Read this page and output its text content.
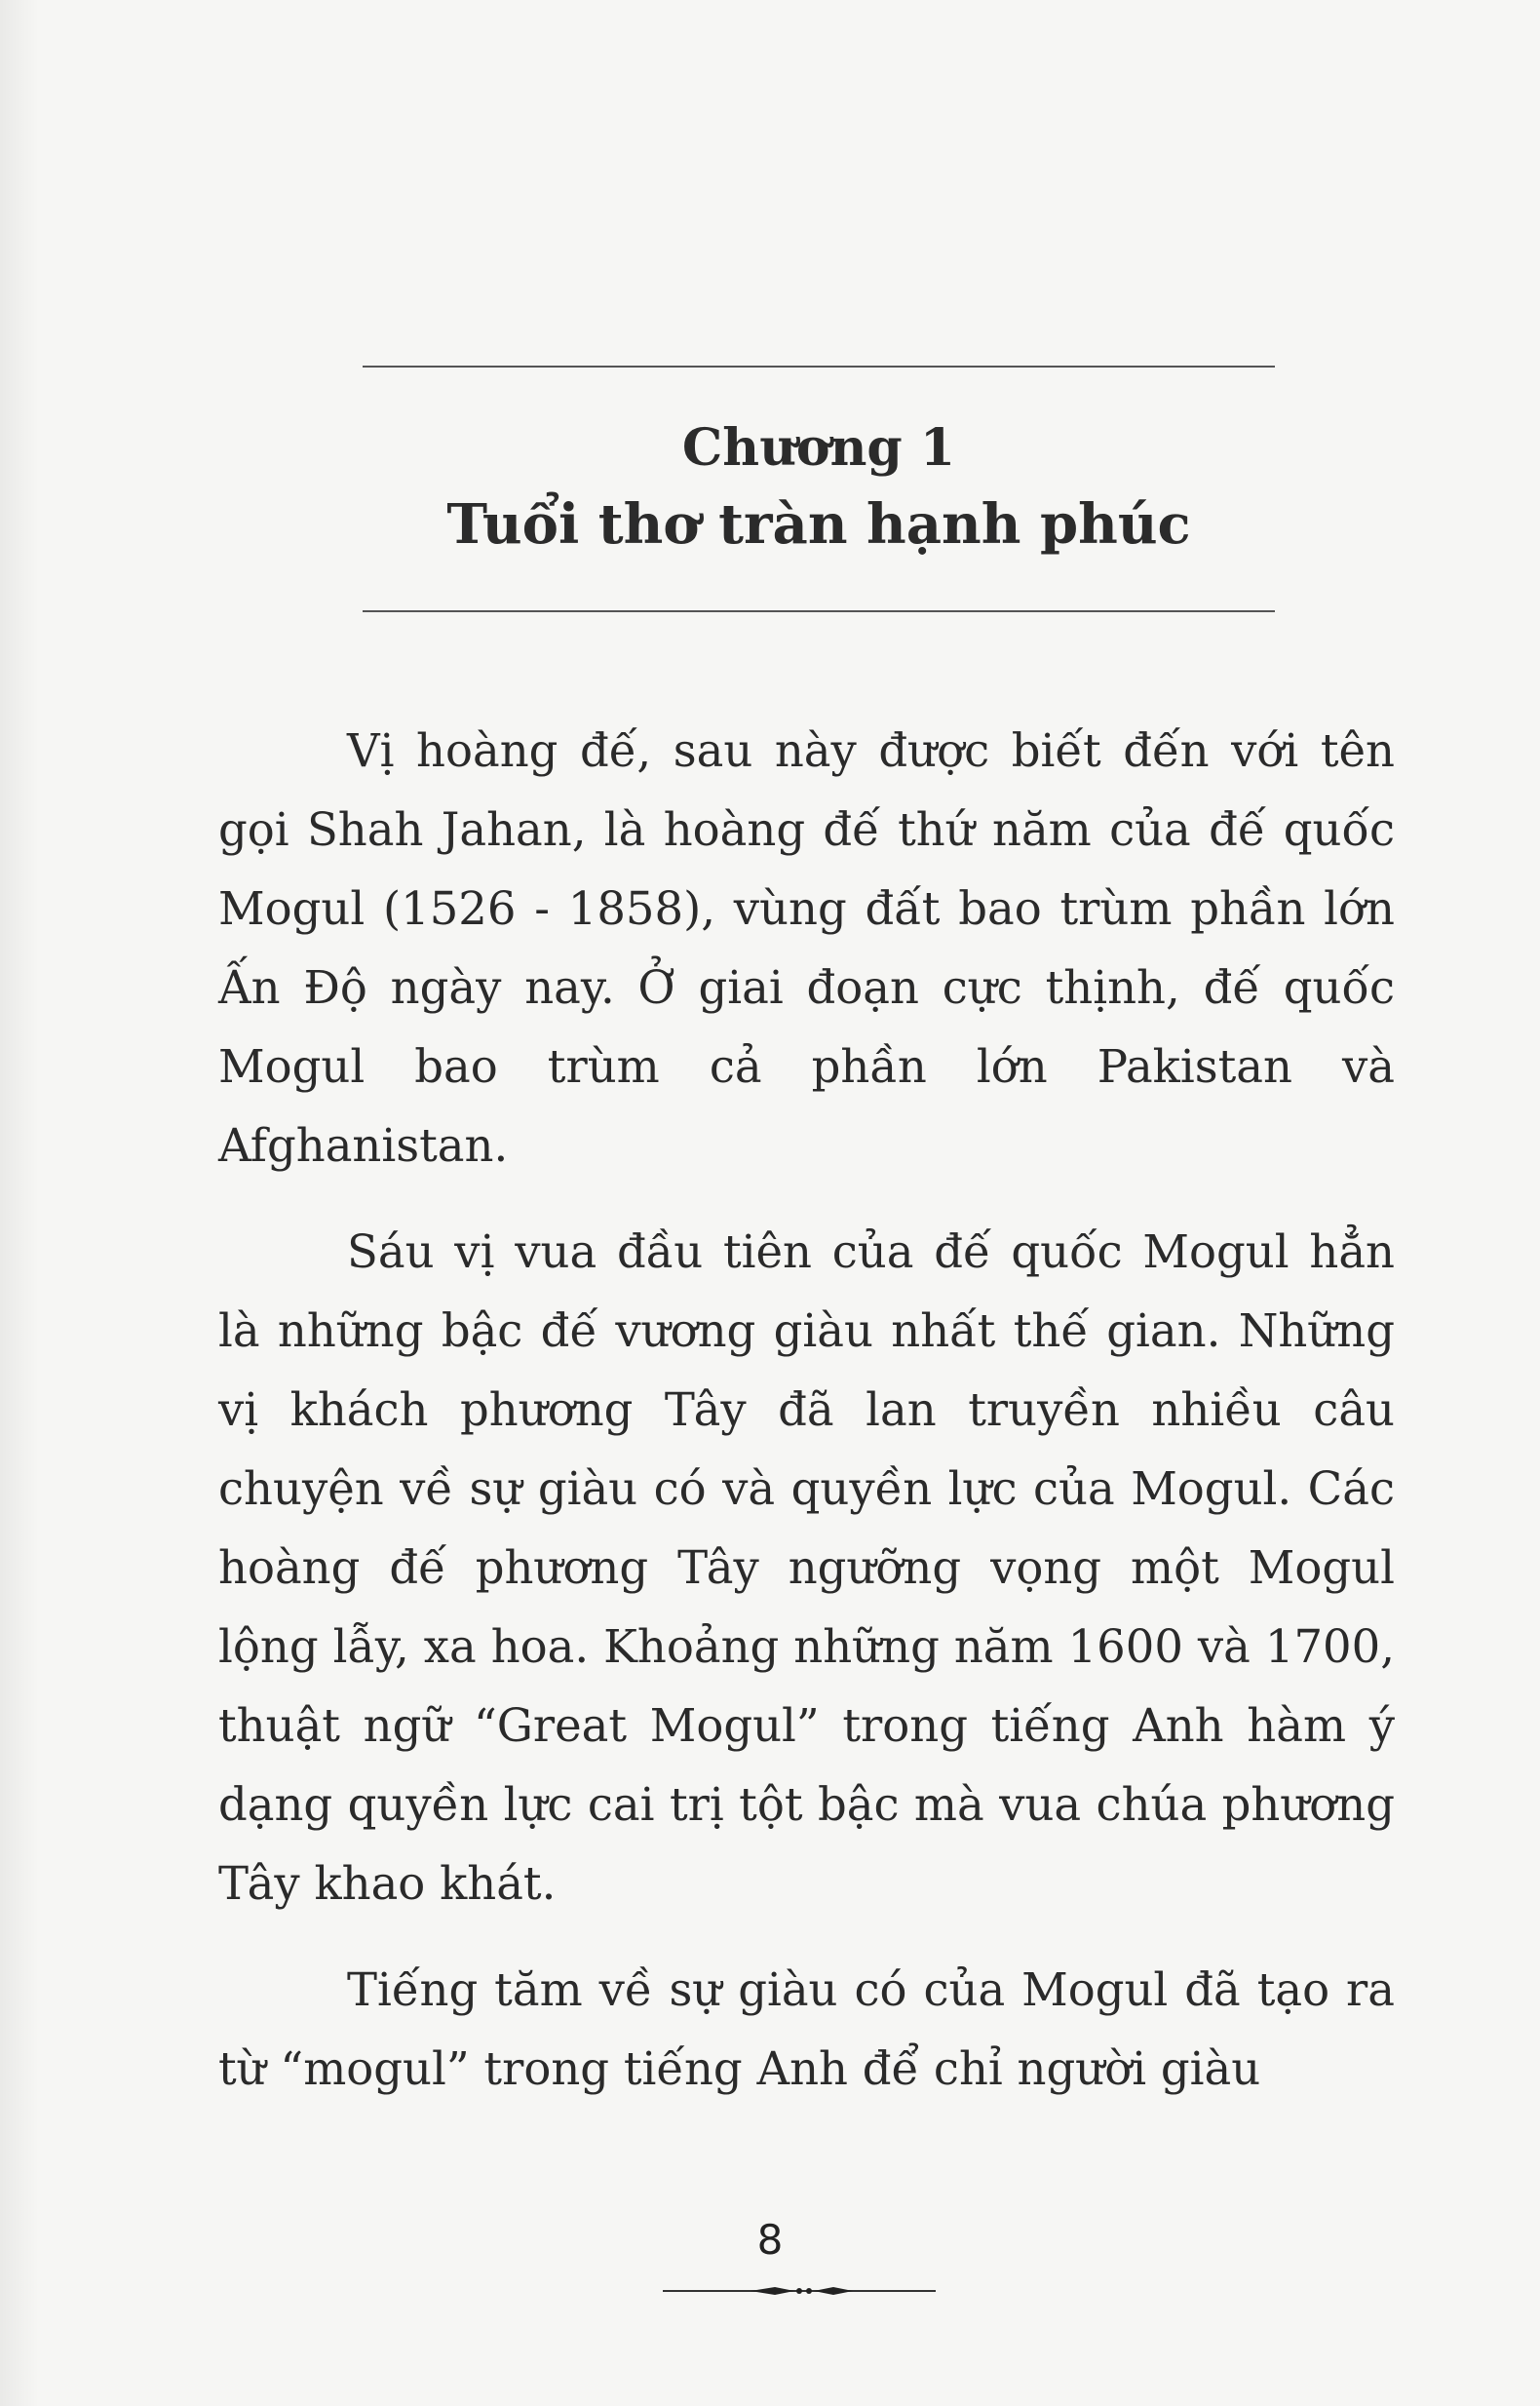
Chương 1
Tuổi thơ tràn hạnh phúc

Vị hoàng đế, sau này được biết đến với tên gọi Shah Jahan, là hoàng đế thứ năm của đế quốc Mogul (1526 - 1858), vùng đất bao trùm phần lớn Ấn Độ ngày nay. Ở giai đoạn cực thịnh, đế quốc Mogul bao trùm cả phần lớn Pakistan và Afghanistan.

Sáu vị vua đầu tiên của đế quốc Mogul hẳn là những bậc đế vương giàu nhất thế gian. Những vị khách phương Tây đã lan truyền nhiều câu chuyện về sự giàu có và quyền lực của Mogul. Các hoàng đế phương Tây ngưỡng vọng một Mogul lộng lẫy, xa hoa. Khoảng những năm 1600 và 1700, thuật ngữ “Great Mogul” trong tiếng Anh hàm ý dạng quyền lực cai trị tột bậc mà vua chúa phương Tây khao khát.

Tiếng tăm về sự giàu có của Mogul đã tạo ra từ “mogul” trong tiếng Anh để chỉ người giàu

8
